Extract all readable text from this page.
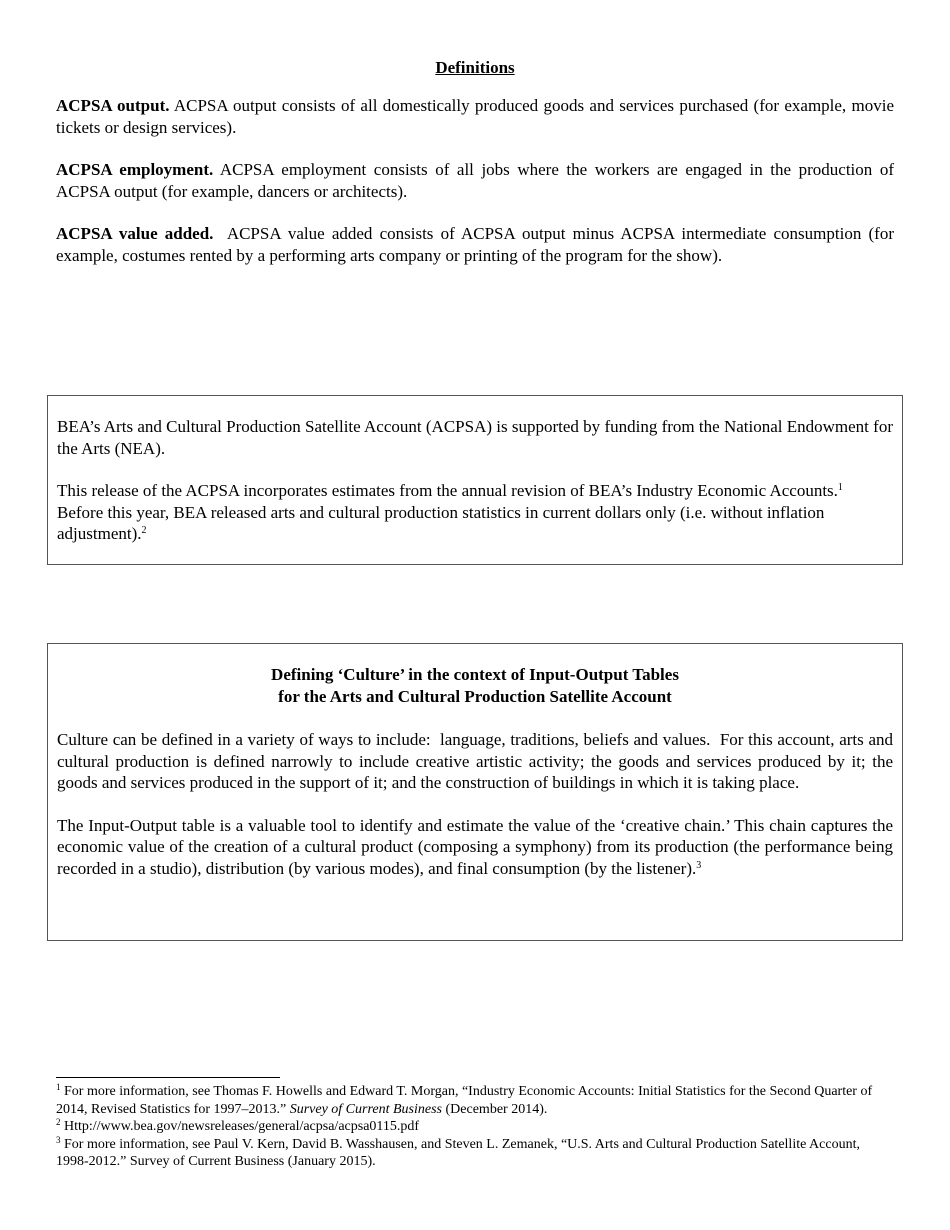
Definitions

ACPSA output. ACPSA output consists of all domestically produced goods and services purchased (for example, movie tickets or design services).

ACPSA employment. ACPSA employment consists of all jobs where the workers are engaged in the production of ACPSA output (for example, dancers or architects).

ACPSA value added.  ACPSA value added consists of ACPSA output minus ACPSA intermediate consumption (for example, costumes rented by a performing arts company or printing of the program for the show).

BEA’s Arts and Cultural Production Satellite Account (ACPSA) is supported by funding from the National Endowment for the Arts (NEA).

This release of the ACPSA incorporates estimates from the annual revision of BEA’s Industry Economic Accounts.$^1$ Before this year, BEA released arts and cultural production statistics in current dollars only (i.e. without inflation adjustment).$^2$

Defining ‘Culture’ in the context of Input-Output Tables
for the Arts and Cultural Production Satellite Account

Culture can be defined in a variety of ways to include:  language, traditions, beliefs and values.  For this account, arts and cultural production is defined narrowly to include creative artistic activity; the goods and services produced by it; the goods and services produced in the support of it; and the construction of buildings in which it is taking place.

The Input-Output table is a valuable tool to identify and estimate the value of the ‘creative chain.’ This chain captures the economic value of the creation of a cultural product (composing a symphony) from its production (the performance being recorded in a studio), distribution (by various modes), and final consumption (by the listener).$^3$

$^1$ For more information, see Thomas F. Howells and Edward T. Morgan, “Industry Economic Accounts: Initial Statistics for the Second Quarter of 2014, Revised Statistics for 1997–2013.” Survey of Current Business (December 2014).

$^2$ Http://www.bea.gov/newsreleases/general/acpsa/acpsa0115.pdf

$^3$ For more information, see Paul V. Kern, David B. Wasshausen, and Steven L. Zemanek, “U.S. Arts and Cultural Production Satellite Account, 1998-2012.” Survey of Current Business (January 2015).
